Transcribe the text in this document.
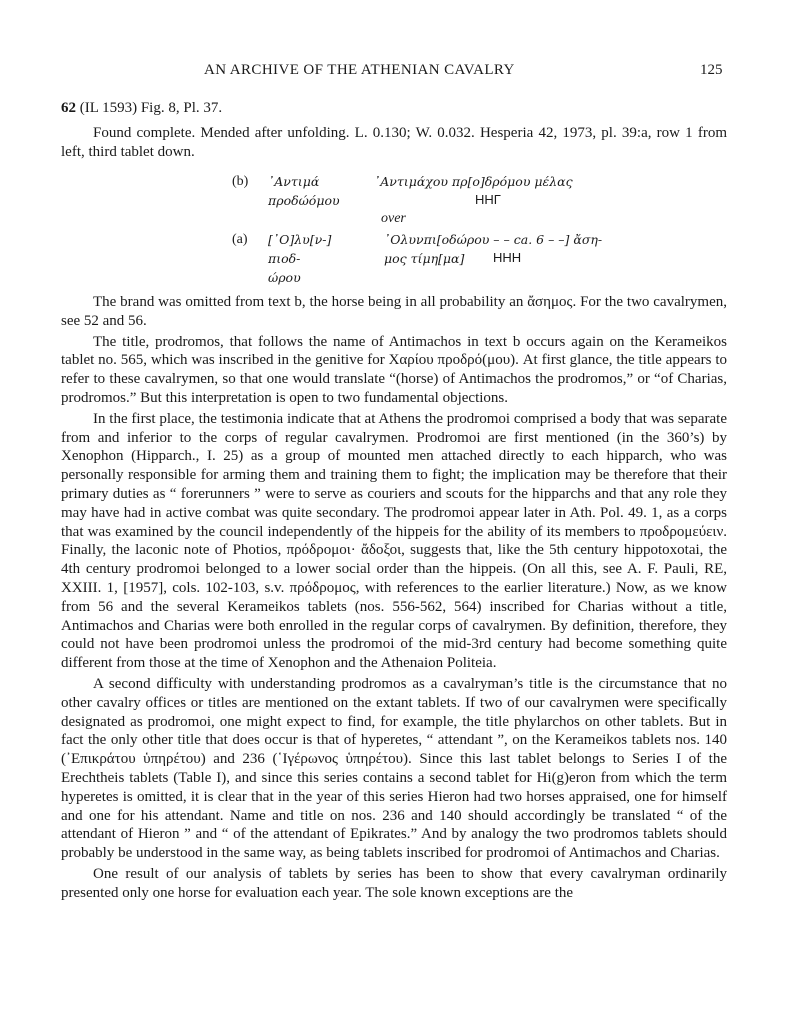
AN ARCHIVE OF THE ATHENIAN CAVALRY	125
62 (IL 1593) Fig. 8, Pl. 37.

Found complete. Mended after unfolding. L. 0.130; W. 0.032. Hesperia 42, 1973, pl. 39:a, row 1 from left, third tablet down.

(b) ᾿Αντιμά
προδώόμου
᾿Αντιμάχου πρ[ο]δρόμου μέλας
ΗΗΓ
over
(a) [᾿Ο]λυ[ν-]
πιοδ-
ώρου
᾿Ολυνπι[οδώρου – – ca. 6 – –] ἄση-
μος τίμη[μα] ΗΗΗ

The brand was omitted from text b, the horse being in all probability an ἄσημος. For the two cavalrymen, see 52 and 56.

The title, prodromos, that follows the name of Antimachos in text b occurs again on the Kerameikos tablet no. 565, which was inscribed in the genitive for Χαρίου προδρό(μου). At first glance, the title appears to refer to these cavalrymen, so that one would translate “(horse) of Antimachos the prodromos,” or “of Charias, prodromos.” But this interpretation is open to two fundamental objections.

In the first place, the testimonia indicate that at Athens the prodromoi comprised a body that was separate from and inferior to the corps of regular cavalrymen. Prodromoi are first mentioned (in the 360’s) by Xenophon (Hipparch., I. 25) as a group of mounted men attached directly to each hipparch, who was personally responsible for arming them and training them to fight; the implication may be therefore that their primary duties as “ forerunners ” were to serve as couriers and scouts for the hipparchs and that any role they may have had in active combat was quite secondary. The prodromoi appear later in Ath. Pol. 49. 1, as a corps that was examined by the council independently of the hippeis for the ability of its members to προδρομεύειν. Finally, the laconic note of Photios, πρόδρομοι· ἄδοξοι, suggests that, like the 5th century hippotoxotai, the 4th century prodromoi belonged to a lower social order than the hippeis. (On all this, see A. F. Pauli, RE, XXIII. 1, [1957], cols. 102-103, s.v. πρόδρομος, with references to the earlier literature.) Now, as we know from 56 and the several Kerameikos tablets (nos. 556-562, 564) inscribed for Charias without a title, Antimachos and Charias were both enrolled in the regular corps of cavalrymen. By definition, therefore, they could not have been prodromoi unless the prodromoi of the mid-3rd century had become something quite different from those at the time of Xenophon and the Athenaion Politeia.

A second difficulty with understanding prodromos as a cavalryman’s title is the circumstance that no other cavalry offices or titles are mentioned on the extant tablets. If two of our cavalrymen were specifically designated as prodromoi, one might expect to find, for example, the title phylarchos on other tablets. But in fact the only other title that does occur is that of hyperetes, “ attendant ”, on the Kerameikos tablets nos. 140 (᾿Επικράτου ὑπηρέτου) and 236 (῾Ιγέρωνος ὑπηρέτου). Since this last tablet belongs to Series I of the Erechtheis tablets (Table I), and since this series contains a second tablet for Hi(g)eron from which the term hyperetes is omitted, it is clear that in the year of this series Hieron had two horses appraised, one for himself and one for his attendant. Name and title on nos. 236 and 140 should accordingly be translated “ of the attendant of Hieron ” and “ of the attendant of Epikrates.” And by analogy the two prodromos tablets should probably be understood in the same way, as being tablets inscribed for prodromoi of Antimachos and Charias.

One result of our analysis of tablets by series has been to show that every cavalryman ordinarily presented only one horse for evaluation each year. The sole known exceptions are the
